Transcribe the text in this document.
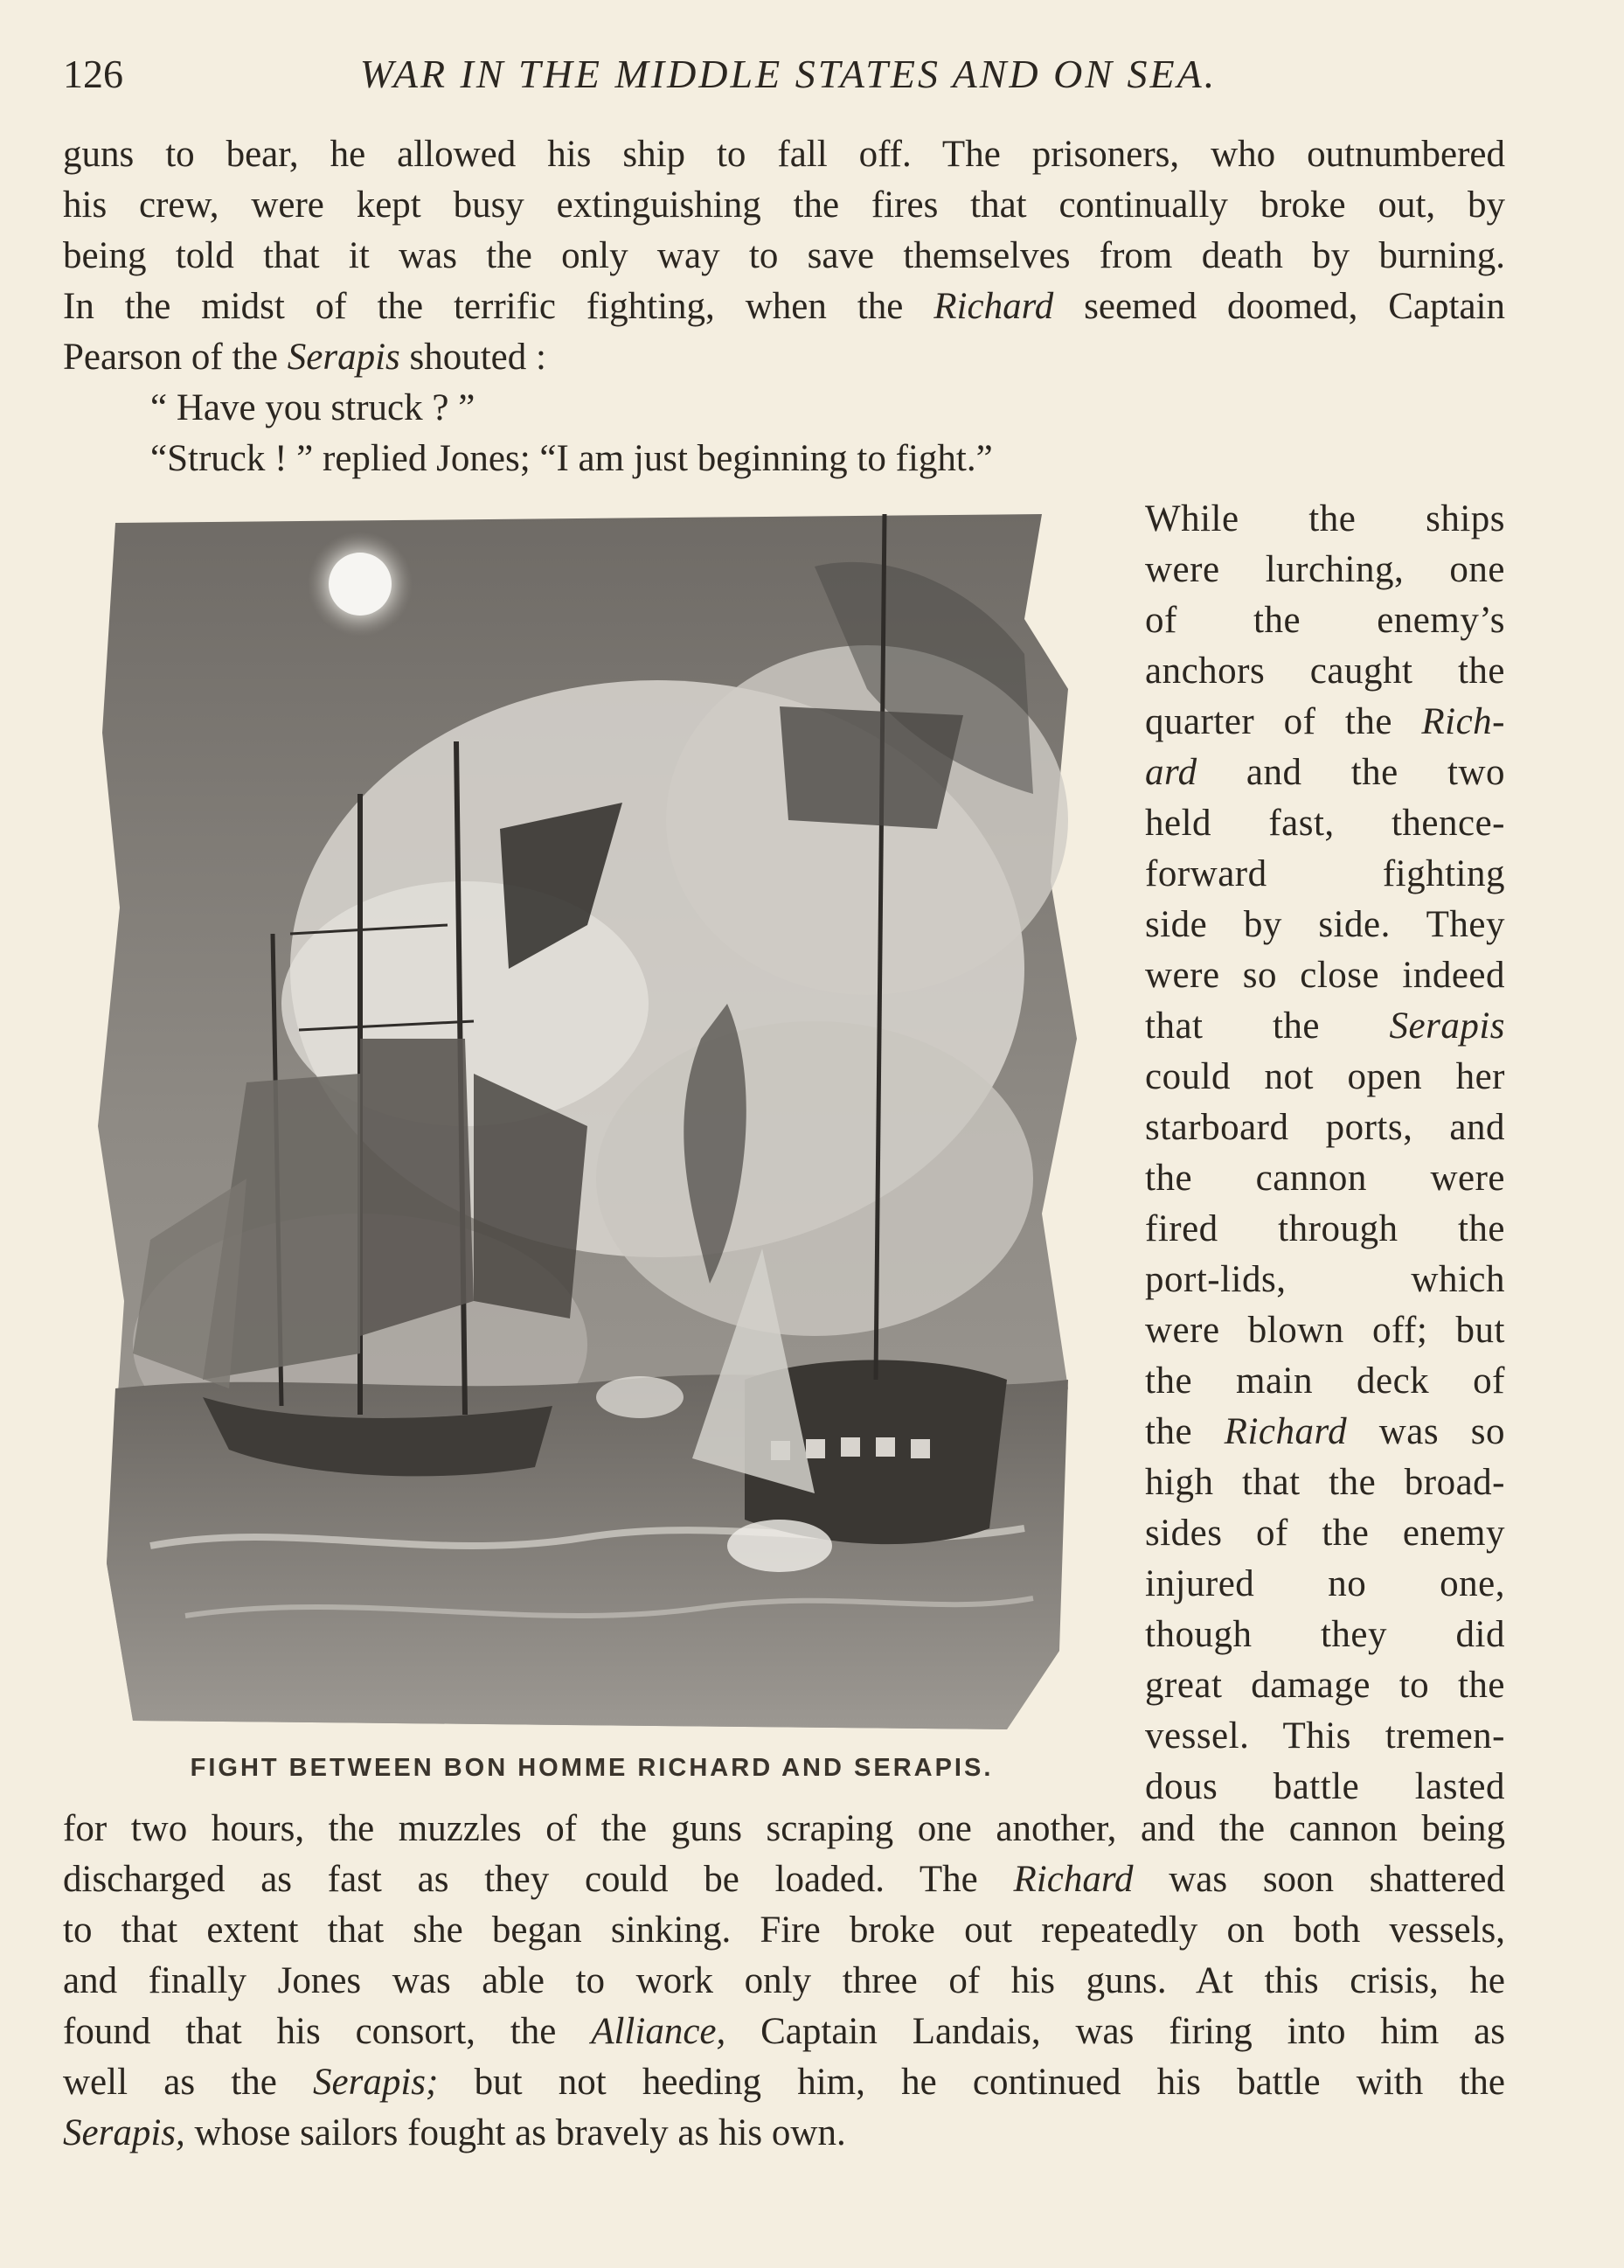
126	WAR IN THE MIDDLE STATES AND ON SEA.
guns to bear, he allowed his ship to fall off. The prisoners, who outnumbered
his crew, were kept busy extinguishing the fires that continually broke out, by
being told that it was the only way to save themselves from death by burning.
In the midst of the terrific fighting, when the Richard seemed doomed, Captain
Pearson of the Serapis shouted :
“ Have you struck ? ”
“Struck ! ” replied Jones; “I am just beginning to fight.”
While the ships
were lurching, one
of the enemy’s
anchors caught the
quarter of the Rich-
ard and the two
held fast, thence-
forward fighting
side by side. They
were so close indeed
that the Serapis
could not open her
starboard ports, and
the cannon were
fired through the
port-lids, which
were blown off; but
the main deck of
the Richard was so
high that the broad-
sides of the enemy
injured no one,
though they did
great damage to the
vessel. This tremen-
dous battle lasted
FIGHT BETWEEN BON HOMME RICHARD AND SERAPIS.
for two hours, the muzzles of the guns scraping one another, and the cannon being
discharged as fast as they could be loaded. The Richard was soon shattered
to that extent that she began sinking. Fire broke out repeatedly on both vessels,
and finally Jones was able to work only three of his guns. At this crisis, he
found that his consort, the Alliance, Captain Landais, was firing into him as
well as the Serapis; but not heeding him, he continued his battle with the
Serapis, whose sailors fought as bravely as his own.
